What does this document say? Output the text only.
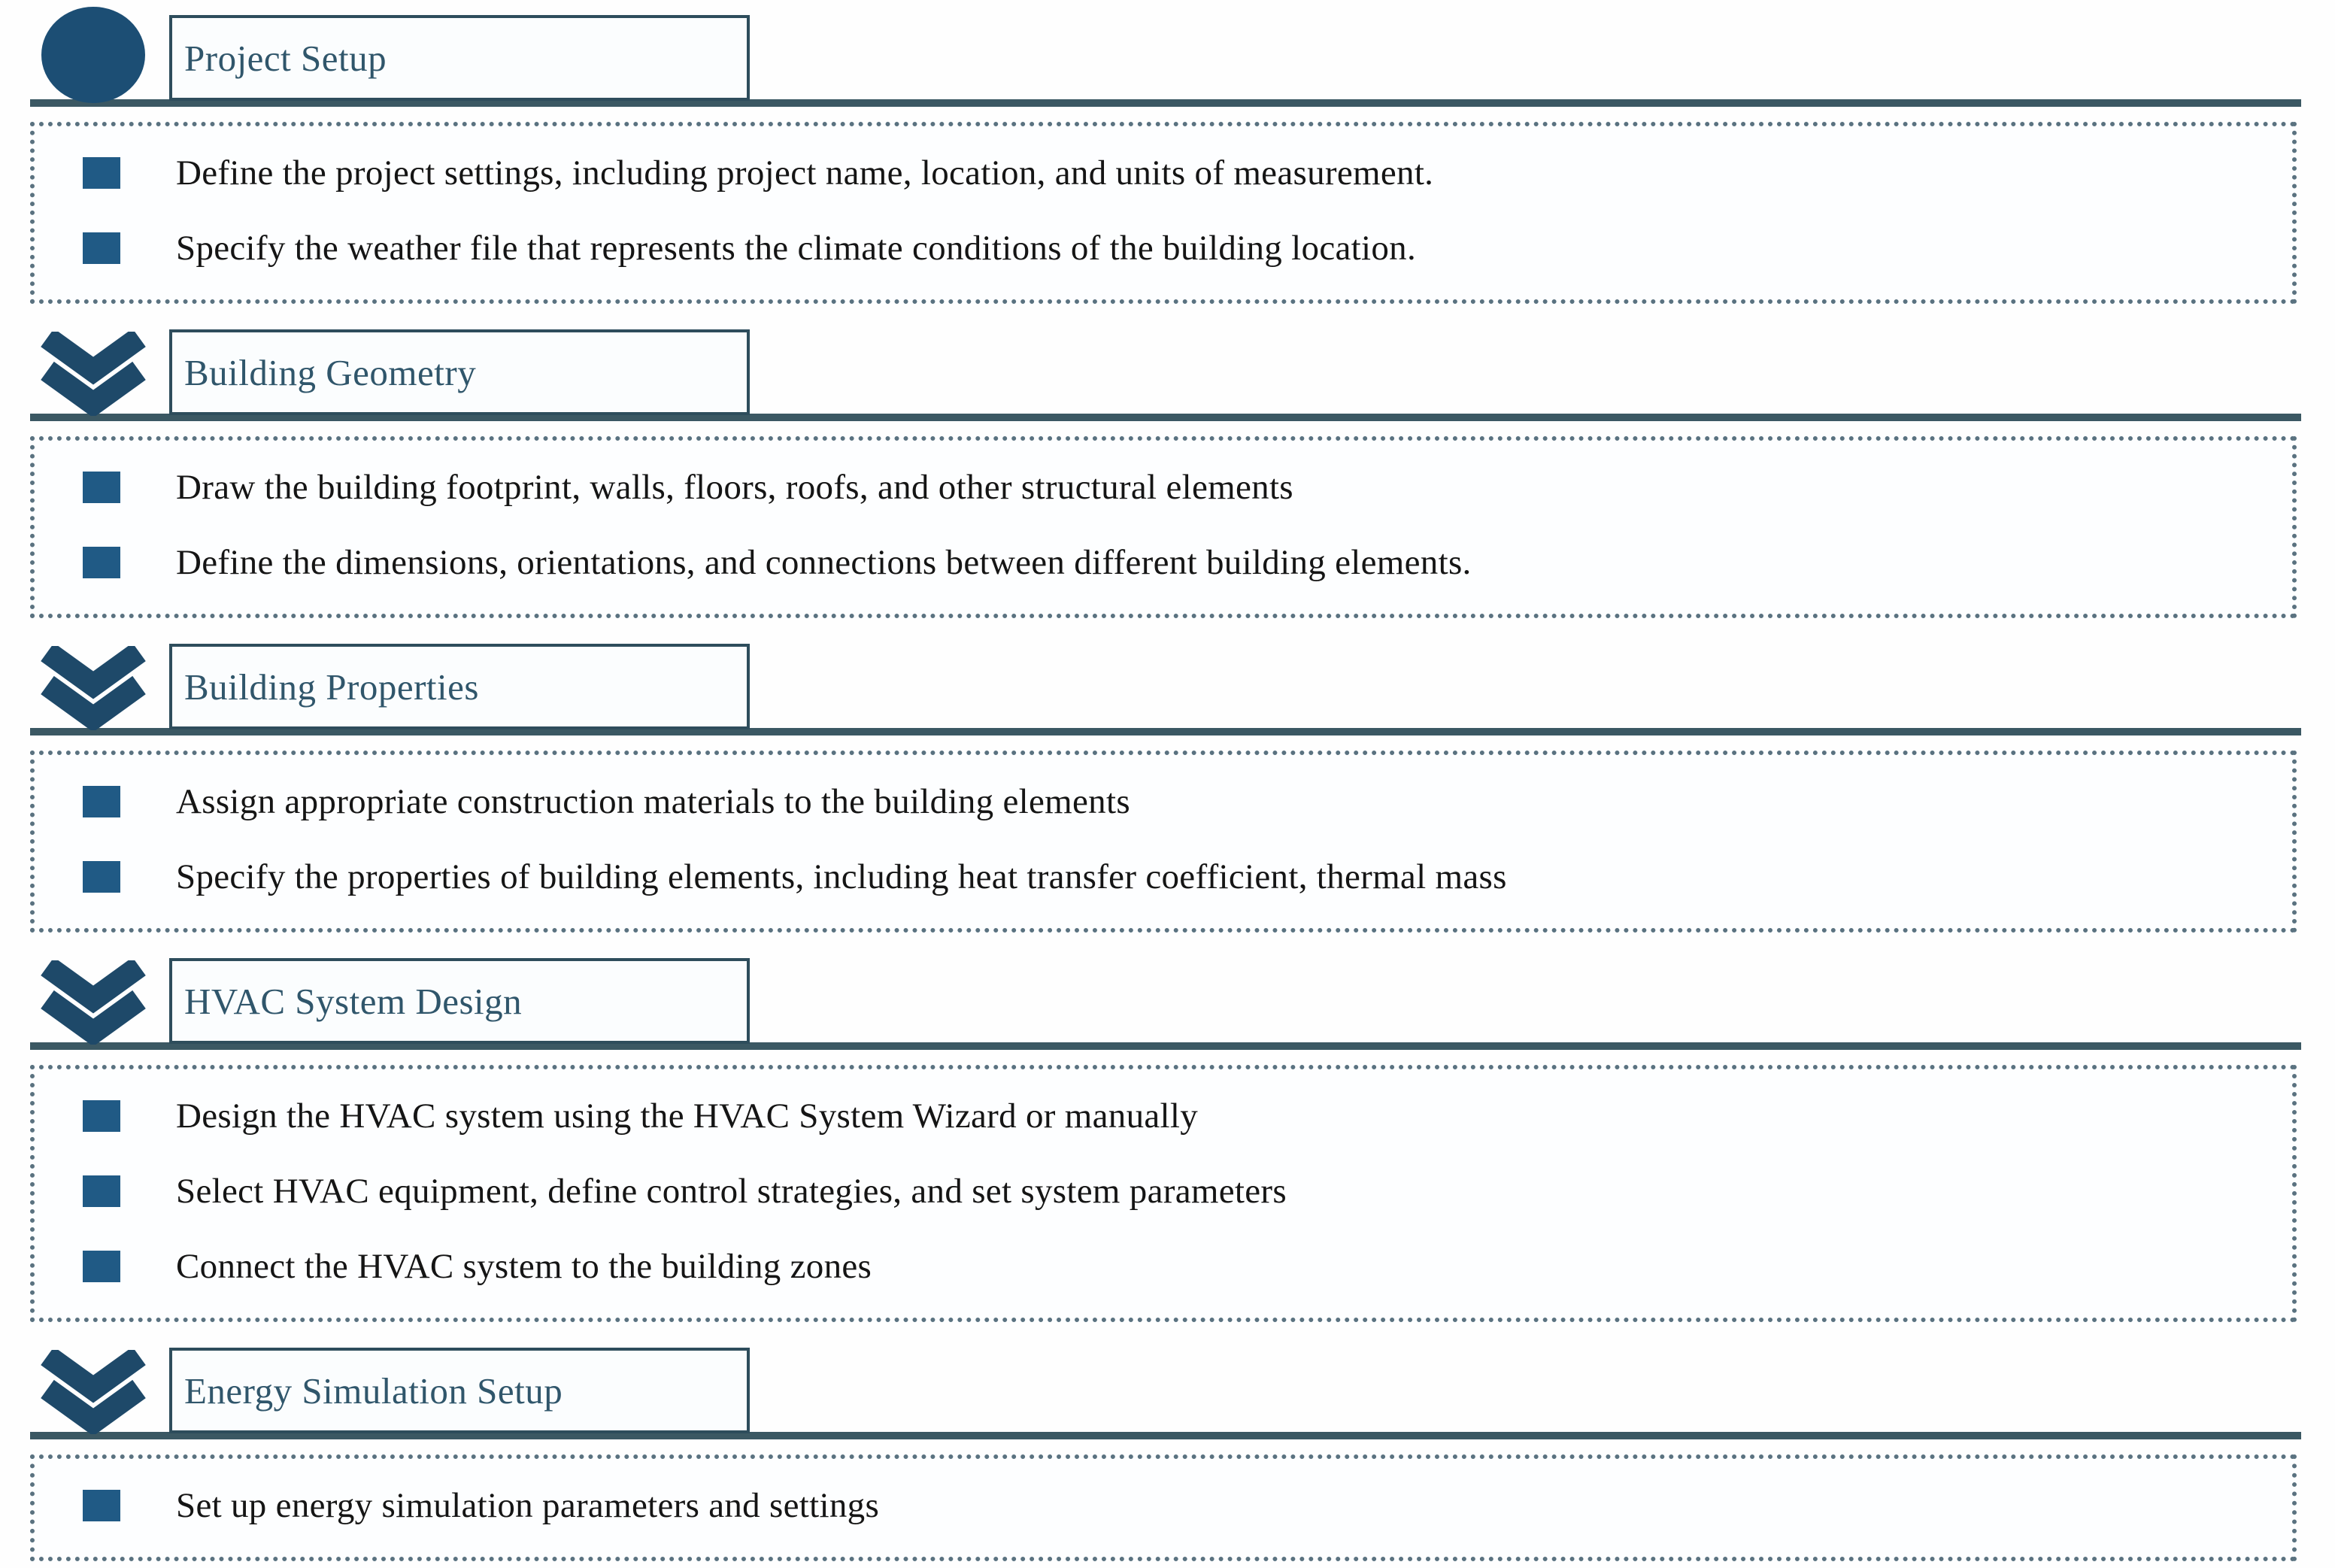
Project Setup
Define the project settings, including project name, location, and units of measurement.
Specify the weather file that represents the climate conditions of the building location.
Building Geometry
Draw the building footprint, walls, floors, roofs, and other structural elements
Define the dimensions, orientations, and connections between different building elements.
Building Properties
Assign appropriate construction materials to the building elements
Specify the properties of building elements, including heat transfer coefficient, thermal mass
HVAC System Design
Design the HVAC system using the HVAC System Wizard or manually
Select HVAC equipment, define control strategies, and set system parameters
Connect the HVAC system to the building zones
Energy Simulation Setup
Set up energy simulation parameters and settings
